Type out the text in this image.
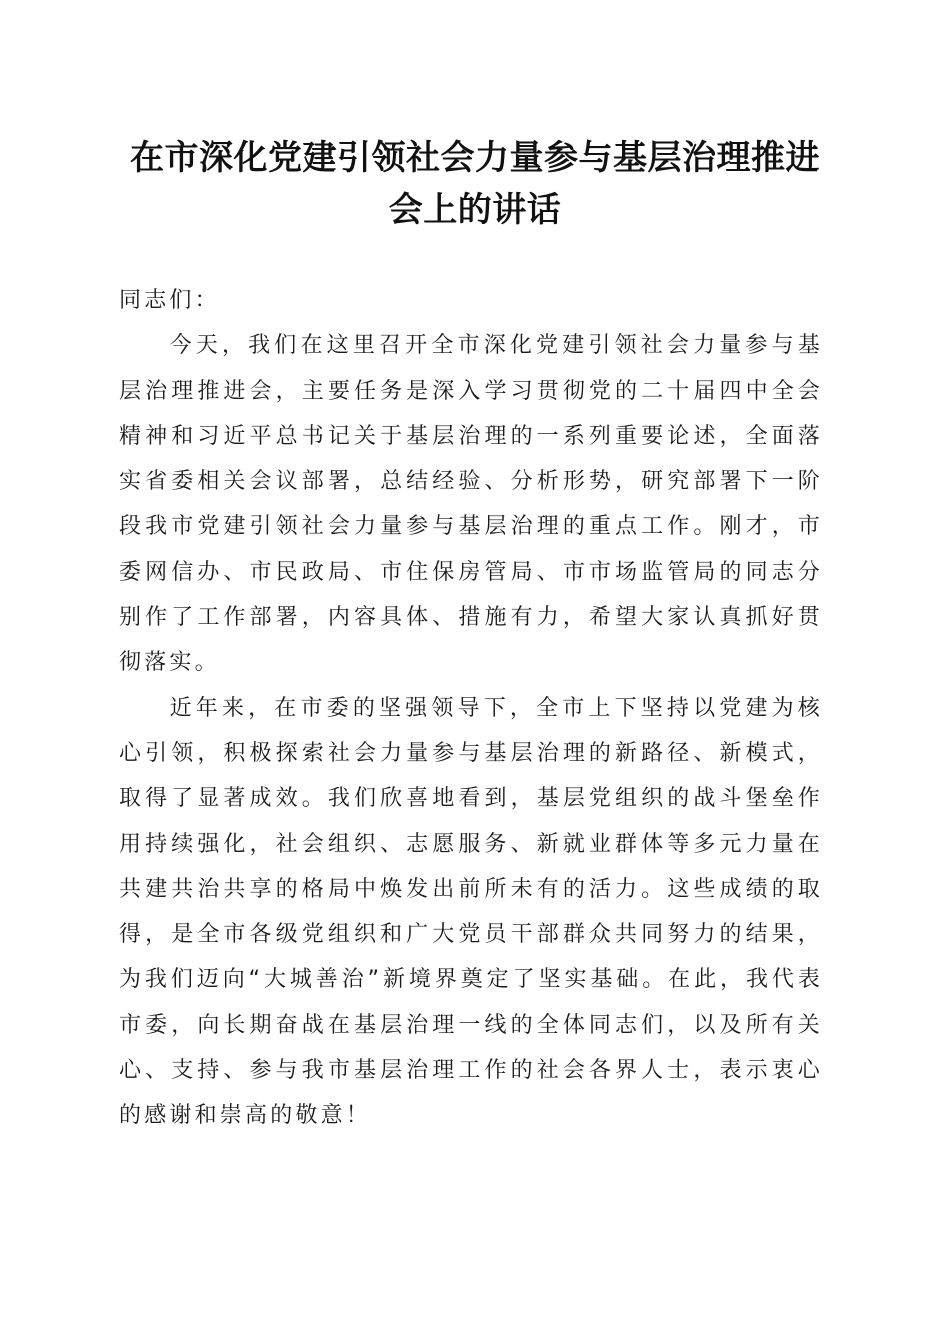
在市深化党建引领社会力量参与基层治理推进
会上的讲话

同志们：

今天，我们在这里召开全市深化党建引领社会力量参与基层治理推进会，主要任务是深入学习贯彻党的二十届四中全会精神和习近平总书记关于基层治理的一系列重要论述，全面落实省委相关会议部署，总结经验、分析形势，研究部署下一阶段我市党建引领社会力量参与基层治理的重点工作。刚才，市委网信办、市民政局、市住保房管局、市市场监管局的同志分别作了工作部署，内容具体、措施有力，希望大家认真抓好贯彻落实。

近年来，在市委的坚强领导下，全市上下坚持以党建为核心引领，积极探索社会力量参与基层治理的新路径、新模式，取得了显著成效。我们欣喜地看到，基层党组织的战斗堡垒作用持续强化，社会组织、志愿服务、新就业群体等多元力量在共建共治共享的格局中焕发出前所未有的活力。这些成绩的取得，是全市各级党组织和广大党员干部群众共同努力的结果，为我们迈向“大城善治”新境界奠定了坚实基础。在此，我代表市委，向长期奋战在基层治理一线的全体同志们，以及所有关心、支持、参与我市基层治理工作的社会各界人士，表示衷心的感谢和崇高的敬意！
